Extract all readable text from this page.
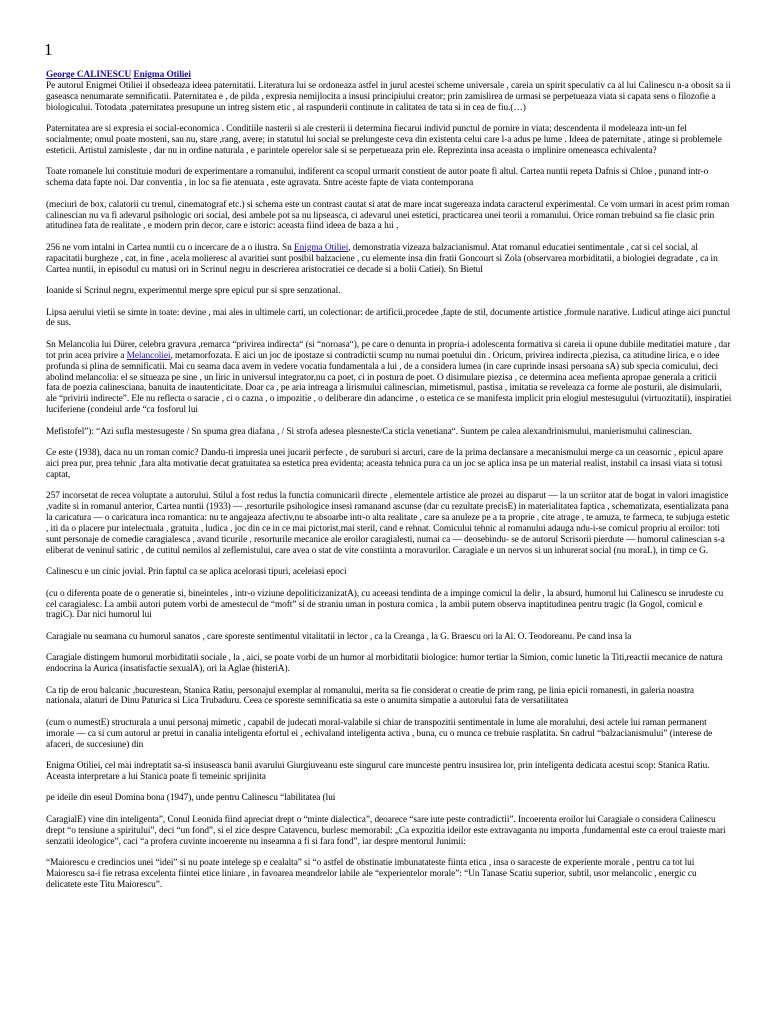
1

George CALINESCU Enigma Otiliei

Pe autorul Enigmei Otiliei il obsedeaza ideea paternitatii. Literatura lui se ordoneaza astfel in jurul acestei scheme universale , careia un spirit speculativ ca al lui Calinescu n-a obosit sa ii gaseasca nenumarate semnificatii. Paternitatea e , de pilda , expresia nemijlocita a insusi principiului creator; prin zamislirea de urmasi se perpetueaza viata si capata sens o filozofie a biologicului. Totodata ,paternitatea presupune un intreg sistem etic , al raspunderii continute in calitatea de tata si in cea de fiu.(…)

Paternitatea are si expresia ei social-economica . Conditiile nasterii si ale cresterii ii determina fiecarui individ punctul de pornire in viata; descendenta il modeleaza intr-un fel socialmente; omul poate mosteni, sau nu, stare ,rang, avere; in statutul lui social se prelungeste ceva din existenta celui care l-a adus pe lume . Ideea de paternitate , atinge si problemele esteticii. Artistul zamisleste , dar nu in ordine naturala , e parintele operelor sale si se perpetueaza prin ele. Reprezinta insa aceasta o implinire omeneasca echivalenta?

Toate romanele lui constituie moduri de experimentare a romanului, indiferent ca scopul urmarit constient de autor poate fi altul. Cartea nuntii repeta Dafnis si Chloe , punand intr-o schema data fapte noi. Dar conventia , in loc sa fie atenuata , este agravata. Sntre aceste fapte de viata contemporana

(meciuri de box, calatorii cu trenul, cinematograf etc.) si schema este un contrast cautat si atat de mare incat sugereaza indata caracterul experimental. Ce vom urmari in acest prim roman calinescian nu va fi adevarul psihologic ori social, desi ambele pot sa nu lipseasca, ci adevarul unei estetici, practicarea unei teorii a romanului. Orice roman trebuind sa fie clasic prin atitudinea fata de realitate , e modern prin decor, care e istoric: aceasta fiind ideea de baza a lui ,

256 ne vom intalni in Cartea nuntii cu o incercare de a o ilustra. Sn Enigma Otiliei, demonstratia vizeaza balzacianismul. Atat romanul educatiei sentimentale , cat si cel social, al rapacitatii burgheze , cat, in fine , acela molieresc al avaritiei sunt posibil balzaciene , cu elemente insa din fratii Goncourt si Zola (observarea morbiditatii, a biologiei degradate , ca in Cartea nuntii, in episodul cu matusi ori in Scrinul negru in descrierea aristocratiei ce decade si a bolii Catiei). Sn Bietul

Ioanide si Scrinul negru, experimentul merge spre epicul pur si spre senzational.

Lipsa aerului vietii se simte in toate: devine , mai ales in ultimele carti, un colectionar: de artificii,procedee ,fapte de stil, documente artistice ,formule narative. Ludicul atinge aici punctul de sus.

Sn Melancolia lui Dürer, celebra gravura ,remarca “privirea indirecta“ (si “noroasa“), pe care o denunta in propria-i adolescenta formativa si careia ii opune dubiile meditatiei mature , dar tot prin acea privire a Melancoliei, metamorfozata. E aici un joc de ipostaze si contradictii scump nu numai poetului din . Oricum, privirea indirecta ,piezisa, ca atitudine lirica, e o idee profunda si plina de semnificatii. Mai cu seama daca avem in vedere vocatia fundamentala a lui , de a considera lumea (in care cuprinde insasi persoana sA) sub specia comicului, deci abolind melancolia: el se situeaza pe sine , un liric in universul integrator,nu ca poet, ci in postura de poet. O disimulare piezisa , ce determina acea mefienta apropae generala a criticii fata de poezia calinesciana, banuita de inautenticitate. Doar ca , pe aria intreaga a lirismului calinescian, mimetismul, pastisa , imitatia se reveleaza ca forme ale posturii, ale disimularii, ale “privirii indirecte”. Ele nu reflecta o saracie , ci o cazna , o impozitie , o deliberare din adancime , o estetica ce se manifesta implicit prin elogiul mestesugului (virtuozitatii), inspiratiei luciferiene (condeiul arde “ca fosforul lui

Mefistofel”): “Azi sufla mestesugeste / Sn spuma grea diafana , / Si strofa adesea plesneste/Ca sticla venetiana“. Suntem pe calea alexandrinismului, manierismului calinescian.

Ce este (1938), daca nu un roman comic? Dandu-ti impresia unei jucarii perfecte , de suruburi si arcuri, care de la prima declansare a mecanismului merge ca un ceasornic , epicul apare aici prea pur, prea tehnic ,fara alta motivatie decat gratuitatea sa estetica prea evidenta; aceasta tehnica pura ca un joc se aplica insa pe un material realist, instabil ca insasi viata si totusi captat,

257 incorsetat de recea voluptate a autorului. Stilul a fost redus la functia comunicarii directe , elementele artistice ale prozei au disparut — la un scriitor atat de bogat in valori imagistice ,vadite si in romanul anterior, Cartea nuntii (1933) — ,resorturile psihologice insesi ramanand ascunse (dar cu rezultate precisE) in materialitatea faptica , schematizata, esentializata pana la caricatura — o caricatura inca romantica: nu te angajeaza afectiv,nu te absoarbe intr-o alta realitate , care sa anuleze pe a ta proprie , cite atrage , te amuza, te farmeca, te subjuga estetic , iti da o placere pur intelectuala , gratuita , ludica , joc din ce in ce mai pictorist,mai steril, cand e rehnat. Comicului tehnic al romanului adauga ndu-i-se comicul propriu al eroilor: toti sunt personaje de comedie caragialesca , avand ticurile , resorturile mecanice ale eroilor caragialesti, numai ca — deosebindu- se de autorul Scrisorii pierdute — humorul calinescian s-a eliberat de veninul satiric , de cutitul nemilos al zeflemistului, care avea o stat de vite constiinta a moravurilor. Caragiale e un nervos si un inhurerat social (nu moraL), in timp ce G.

Calinescu e un cinic jovial. Prin faptul ca se aplica acelorasi tipuri, aceleiasi epoci

(cu o diferenta poate de o generatie si, bineinteles , intr-o viziune depoliticizanizatA), cu aceeasi tendinta de a impinge comicul la delir , la absurd, humorul lui Calinescu se inrudeste cu cel caragialesc. La ambii autori putem vorbi de amestecul de “moft” si de straniu uman in postura comica , la ambii putem observa inaptitudinea pentru tragic (la Gogol, comicul e tragiC). Dar nici humorul lui

Caragiale nu seamana cu humorul sanatos , care sporeste sentimentul vitalitatii in lector , ca la Creanga , la G. Braescu ori la Al. O. Teodoreanu. Pe cand insa la

Caragiale distingem humorul morbiditatii sociale , la , aici, se poate vorbi de un humor al morbiditatii biologice: humor tertiar la Simion, comic lunetic la Titi,reactii mecanice de natura endocrina la Aurica (insatisfactie sexualA), ori la Aglae (histeriA).

Ca tip de erou balcanic ,bucurestean, Stanica Ratiu, personajul exemplar al romanului, merita sa fie considerat o creatie de prim rang, pe linia epicii romanesti, in galeria noastra nationala, alaturi de Dinu Paturica si Lica Trubaduru. Ceea ce sporeste semnificatia sa este o anumita simpatie a autorului fata de versatilitatea

(cum o numestE) structurala a unui personaj mimetic , capabil de judecati moral-valabile si chiar de transpozitii sentimentale in lume ale moralului, desi actele lui raman permanent imorale — ca si cum autorul ar pretui in canalia inteligenta efortul ei , echivaland inteligenta activa , buna, cu o munca ce trebuie rasplatita. Sn cadrul “balzacianismului” (interese de afaceri, de succesiune) din

Enigma Otiliei, cel mai indreptatit sa-si insuseasca banii avarului Giurgiuveanu este singurul care munceste pentru insusirea lor, prin inteligenta dedicata acestui scop: Stanica Ratiu. Aceasta interpretare a lui Stanica poate fi temeinic sprijinita

pe ideile din eseul Domina bona (1947), unde pentru Calinescu “labilitatea (lui

CaragialE) vine din inteligenta”, Conul Leonida fiind apreciat drept o “minte dialectica”, deoarece “sare iute peste contradictii”. Incoerenta eroilor lui Caragiale o considera Calinescu drept “o tensiune a spiritului”, deci “un fond”, si el zice despre Catavencu, burlesc memorabil: „Ca expozitia ideilor este extravaganta nu importa ,fundamental este ca eroul traieste mari senzatii ideologice”, caci “a profera cuvinte incoerente nu inseamna a fi si fara fond”, iar despre mentorul Junimii:

“Maiorescu e credincios unei “idei” si nu poate intelege sp e cealalta” si “o astfel de obstinatie imbunatateste fiinta etica , insa o saraceste de experiente morale , pentru ca tot lui Maiorescu sa-i fie retrasa excelenta fiintei etice liniare , in favoarea meandrelor labile ale “experientelor morale”: “Un Tanase Scatiu superior, subtil, usor melancolic , energic cu delicatete este Titu Maiorescu”.
